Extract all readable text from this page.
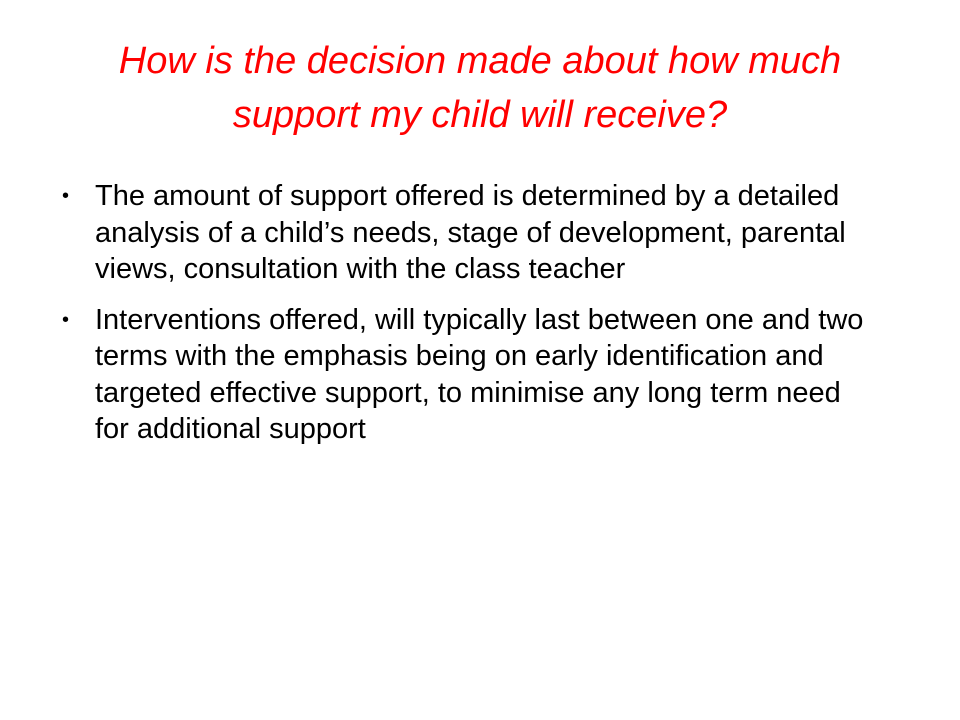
How is the decision made about how much support my child will receive?
• The amount of support offered is determined by a detailed analysis of a child’s needs, stage of development, parental views, consultation with the class teacher
• Interventions offered, will typically last between one and two terms with the emphasis being on early identification and targeted effective support, to minimise any long term need for additional support
